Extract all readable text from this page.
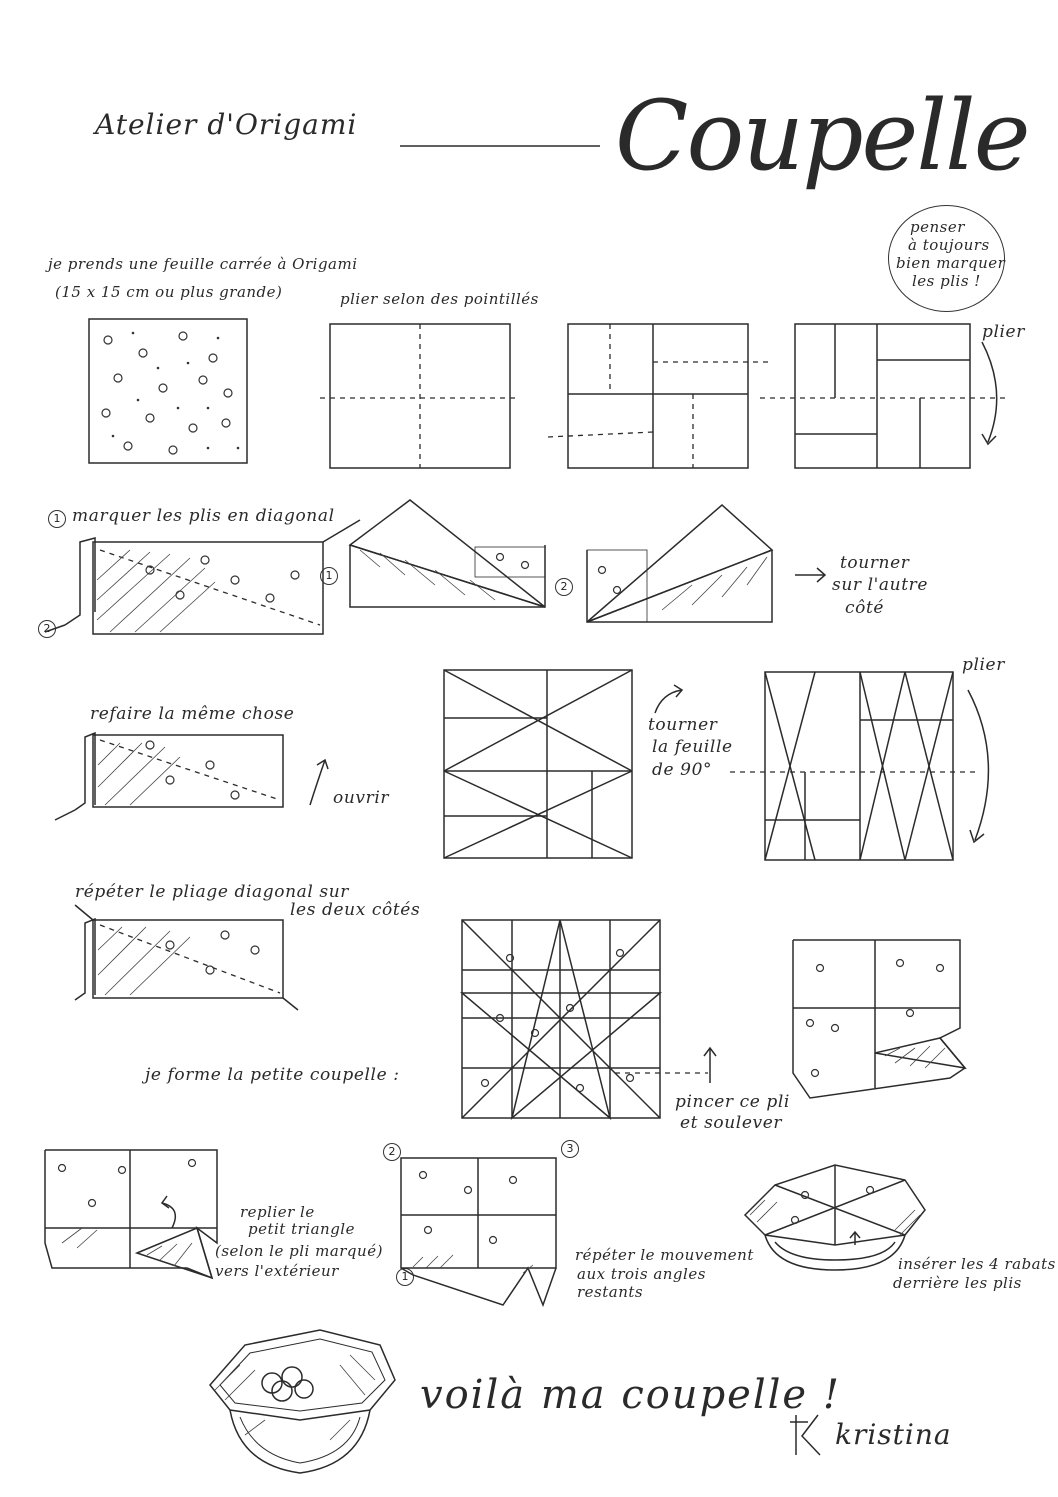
Atelier d'Origami	Coupelle
penser
à toujours
bien marquer
les plis !
je prends une feuille carrée à Origami
(15 x 15 cm ou plus grande)	plier selon des pointillés
plier
1 marquer les plis en diagonal
2
1
2
tourner
sur l'autre
côté
refaire la même chose
ouvrir
tourner
la feuille
de 90°
plier
répéter le pliage diagonal sur
les deux côtés
je forme la petite coupelle :
pincer ce pli
et soulever
replier le
petit triangle
(selon le pli marqué)
vers l'extérieur
2	3
1
répéter le mouvement
aux trois angles
restants
insérer les 4 rabats
derrière les plis
voilà ma coupelle !
kristina
